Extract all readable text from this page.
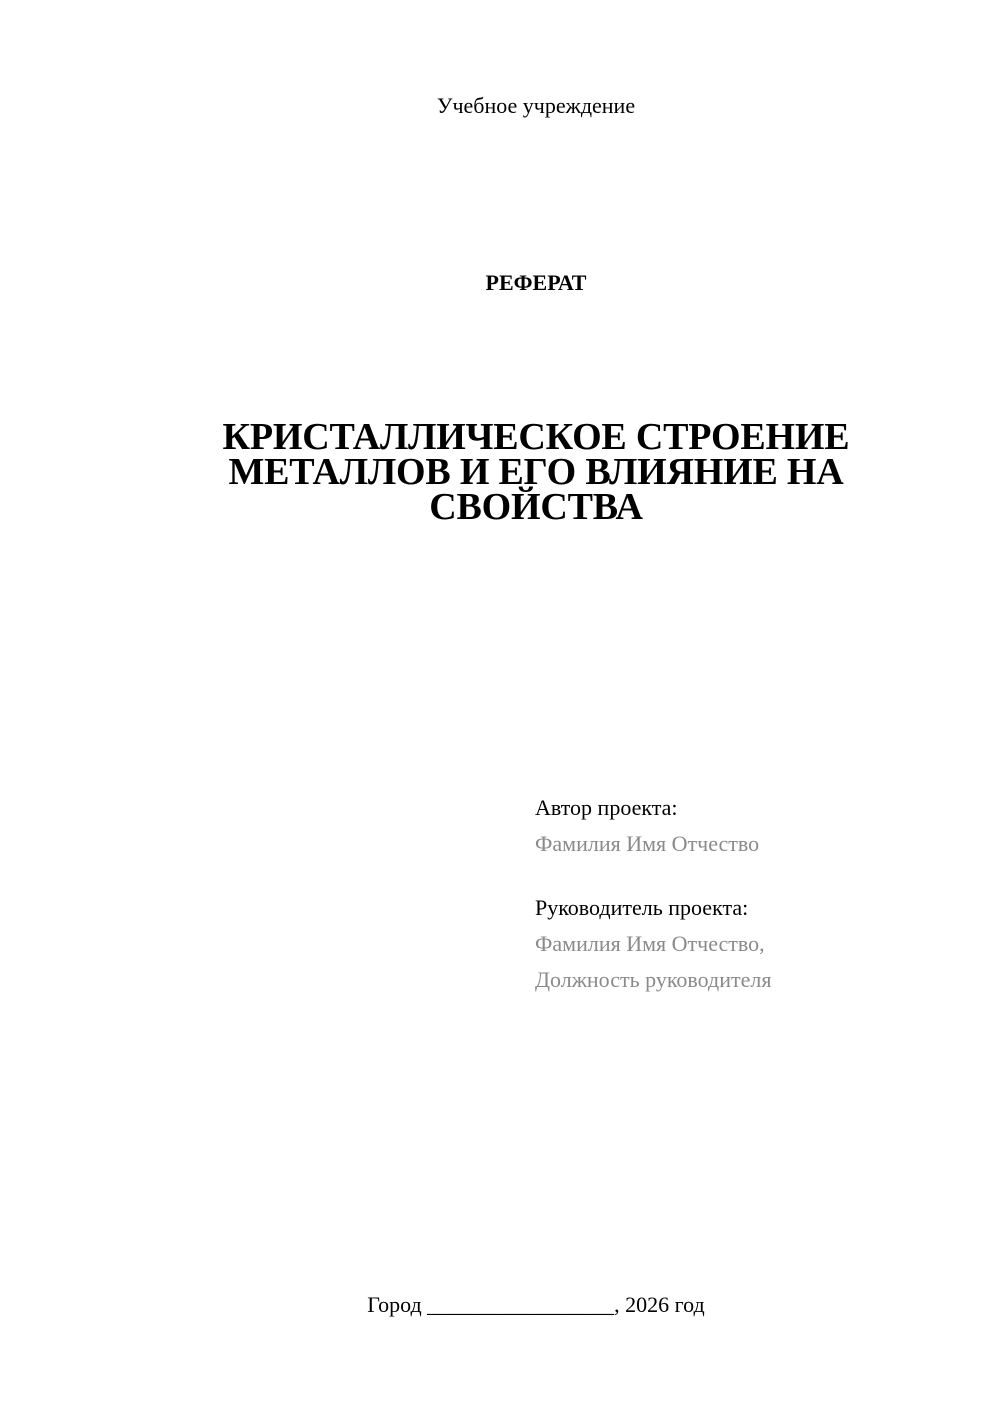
Учебное учреждение
РЕФЕРАТ
КРИСТАЛЛИЧЕСКОЕ СТРОЕНИЕ
МЕТАЛЛОВ И ЕГО ВЛИЯНИЕ НА
СВОЙСТВА
Автор проекта:
Фамилия Имя Отчество
Руководитель проекта:
Фамилия Имя Отчество,
Должность руководителя
Город _________________, 2026 год
